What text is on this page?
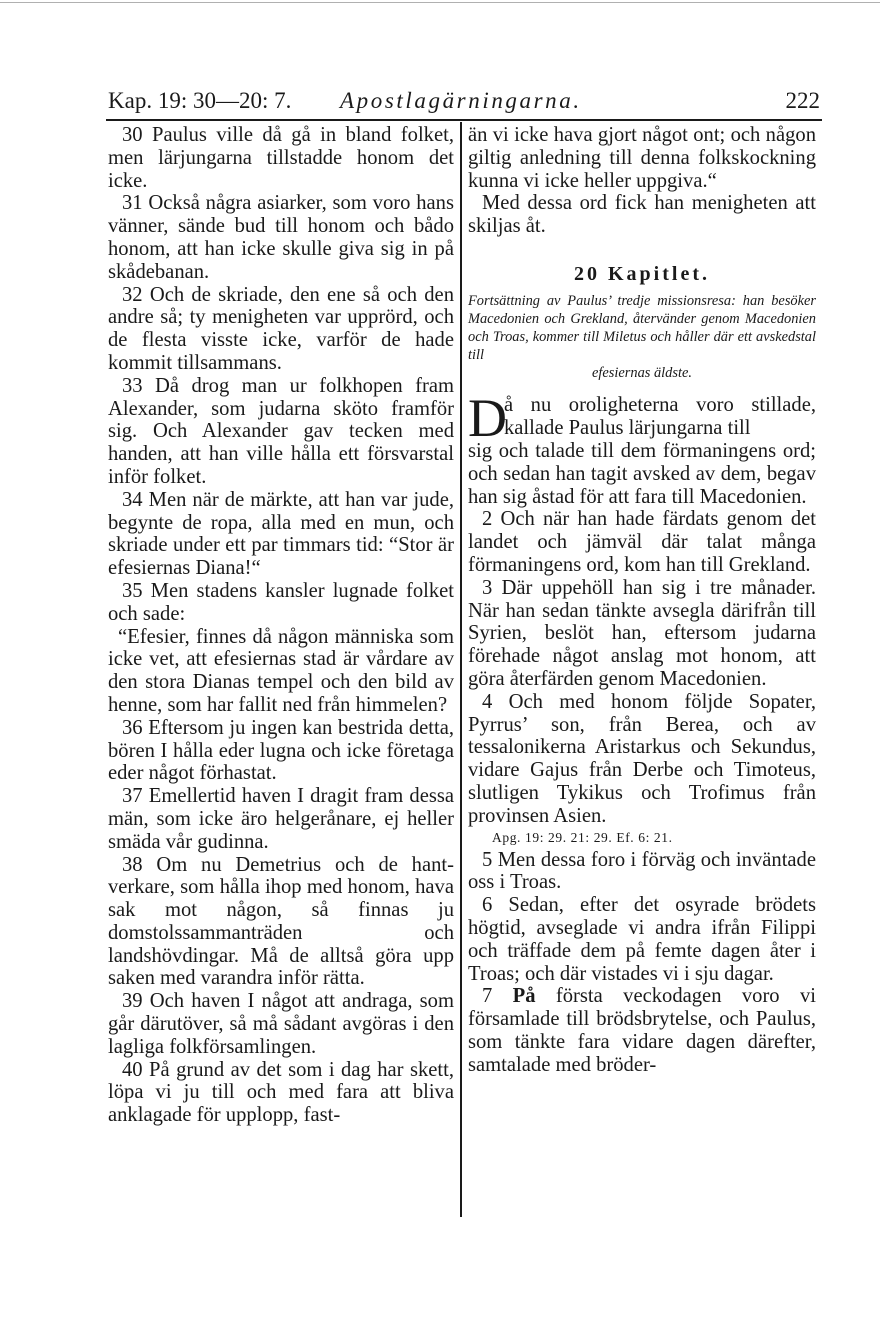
Kap. 19: 30—20: 7. Apostlagärningarna.	222

30 Paulus ville då gå in bland folket, men lärjungarna tillstadde honom det icke.

31 Också några asiarker, som voro hans vänner, sände bud till honom och bådo honom, att han icke skulle giva sig in på skådebanan.

32 Och de skriade, den ene så och den andre så; ty menigheten var upprörd, och de flesta visste icke, varför de hade kommit tillsammans.

33 Då drog man ur folkhopen fram Alexander, som judarna sköto framför sig. Och Alexander gav tecken med handen, att han ville hålla ett försvarstal inför folket.

34 Men när de märkte, att han var jude, begynte de ropa, alla med en mun, och skriade under ett par timmars tid: “Stor är efesiernas Diana!“

35 Men stadens kansler lugnade folket och sade:

“Efesier, finnes då någon människa som icke vet, att efesiernas stad är vårdare av den stora Dianas tempel och den bild av henne, som har fallit ned från himmelen?

36 Eftersom ju ingen kan bestrida detta, bören I hålla eder lugna och icke företaga eder något förhastat.

37 Emellertid haven I dragit fram dessa män, som icke äro helgerånare, ej heller smäda vår gudinna.

38 Om nu Demetrius och de hantverkare, som hålla ihop med honom, hava sak mot någon, så finnas ju domstolssammanträden och landshövdingar. Må de alltså göra upp saken med varandra inför rätta.

39 Och haven I något att andraga, som går därutöver, så må sådant avgöras i den lagliga folkförsamlingen.

40 På grund av det som i dag har skett, löpa vi ju till och med fara att bliva anklagade för upplopp, fast-

än vi icke hava gjort något ont; och någon giltig anledning till denna folkskockning kunna vi icke heller uppgiva.“

Med dessa ord fick han menigheten att skiljas åt.

20 Kapitlet.
Fortsättning av Paulus’ tredje missionsresa: han besöker Macedonien och Grekland, återvänder genom Macedonien och Troas, kommer till Miletus och håller där ett avskedstal till
efesiernas äldste.
D
å nu oroligheterna voro stillade, kallade Paulus lärjungarna till

sig och talade till dem förmaningens ord; och sedan han tagit avsked av dem, begav han sig åstad för att fara till Macedonien.

2 Och när han hade färdats genom det landet och jämväl där talat många förmaningens ord, kom han till Grekland.

3 Där uppehöll han sig i tre månader. När han sedan tänkte avsegla därifrån till Syrien, beslöt han, eftersom judarna förehade något anslag mot honom, att göra återfärden genom Macedonien.

4 Och med honom följde Sopater, Pyrrus’ son, från Berea, och av tessalonikerna Aristarkus och Sekundus, vidare Gajus från Derbe och Timoteus, slutligen Tykikus och Trofimus från provinsen Asien.

Apg. 19: 29. 21: 29. Ef. 6: 21.

5 Men dessa foro i förväg och inväntade oss i Troas.

6 Sedan, efter det osyrade brödets högtid, avseglade vi andra ifrån Filippi och träffade dem på femte dagen åter i Troas; och där vistades vi i sju dagar.

7 På första veckodagen voro vi församlade till brödsbrytelse, och Paulus, som tänkte fara vidare dagen därefter, samtalade med bröder-
